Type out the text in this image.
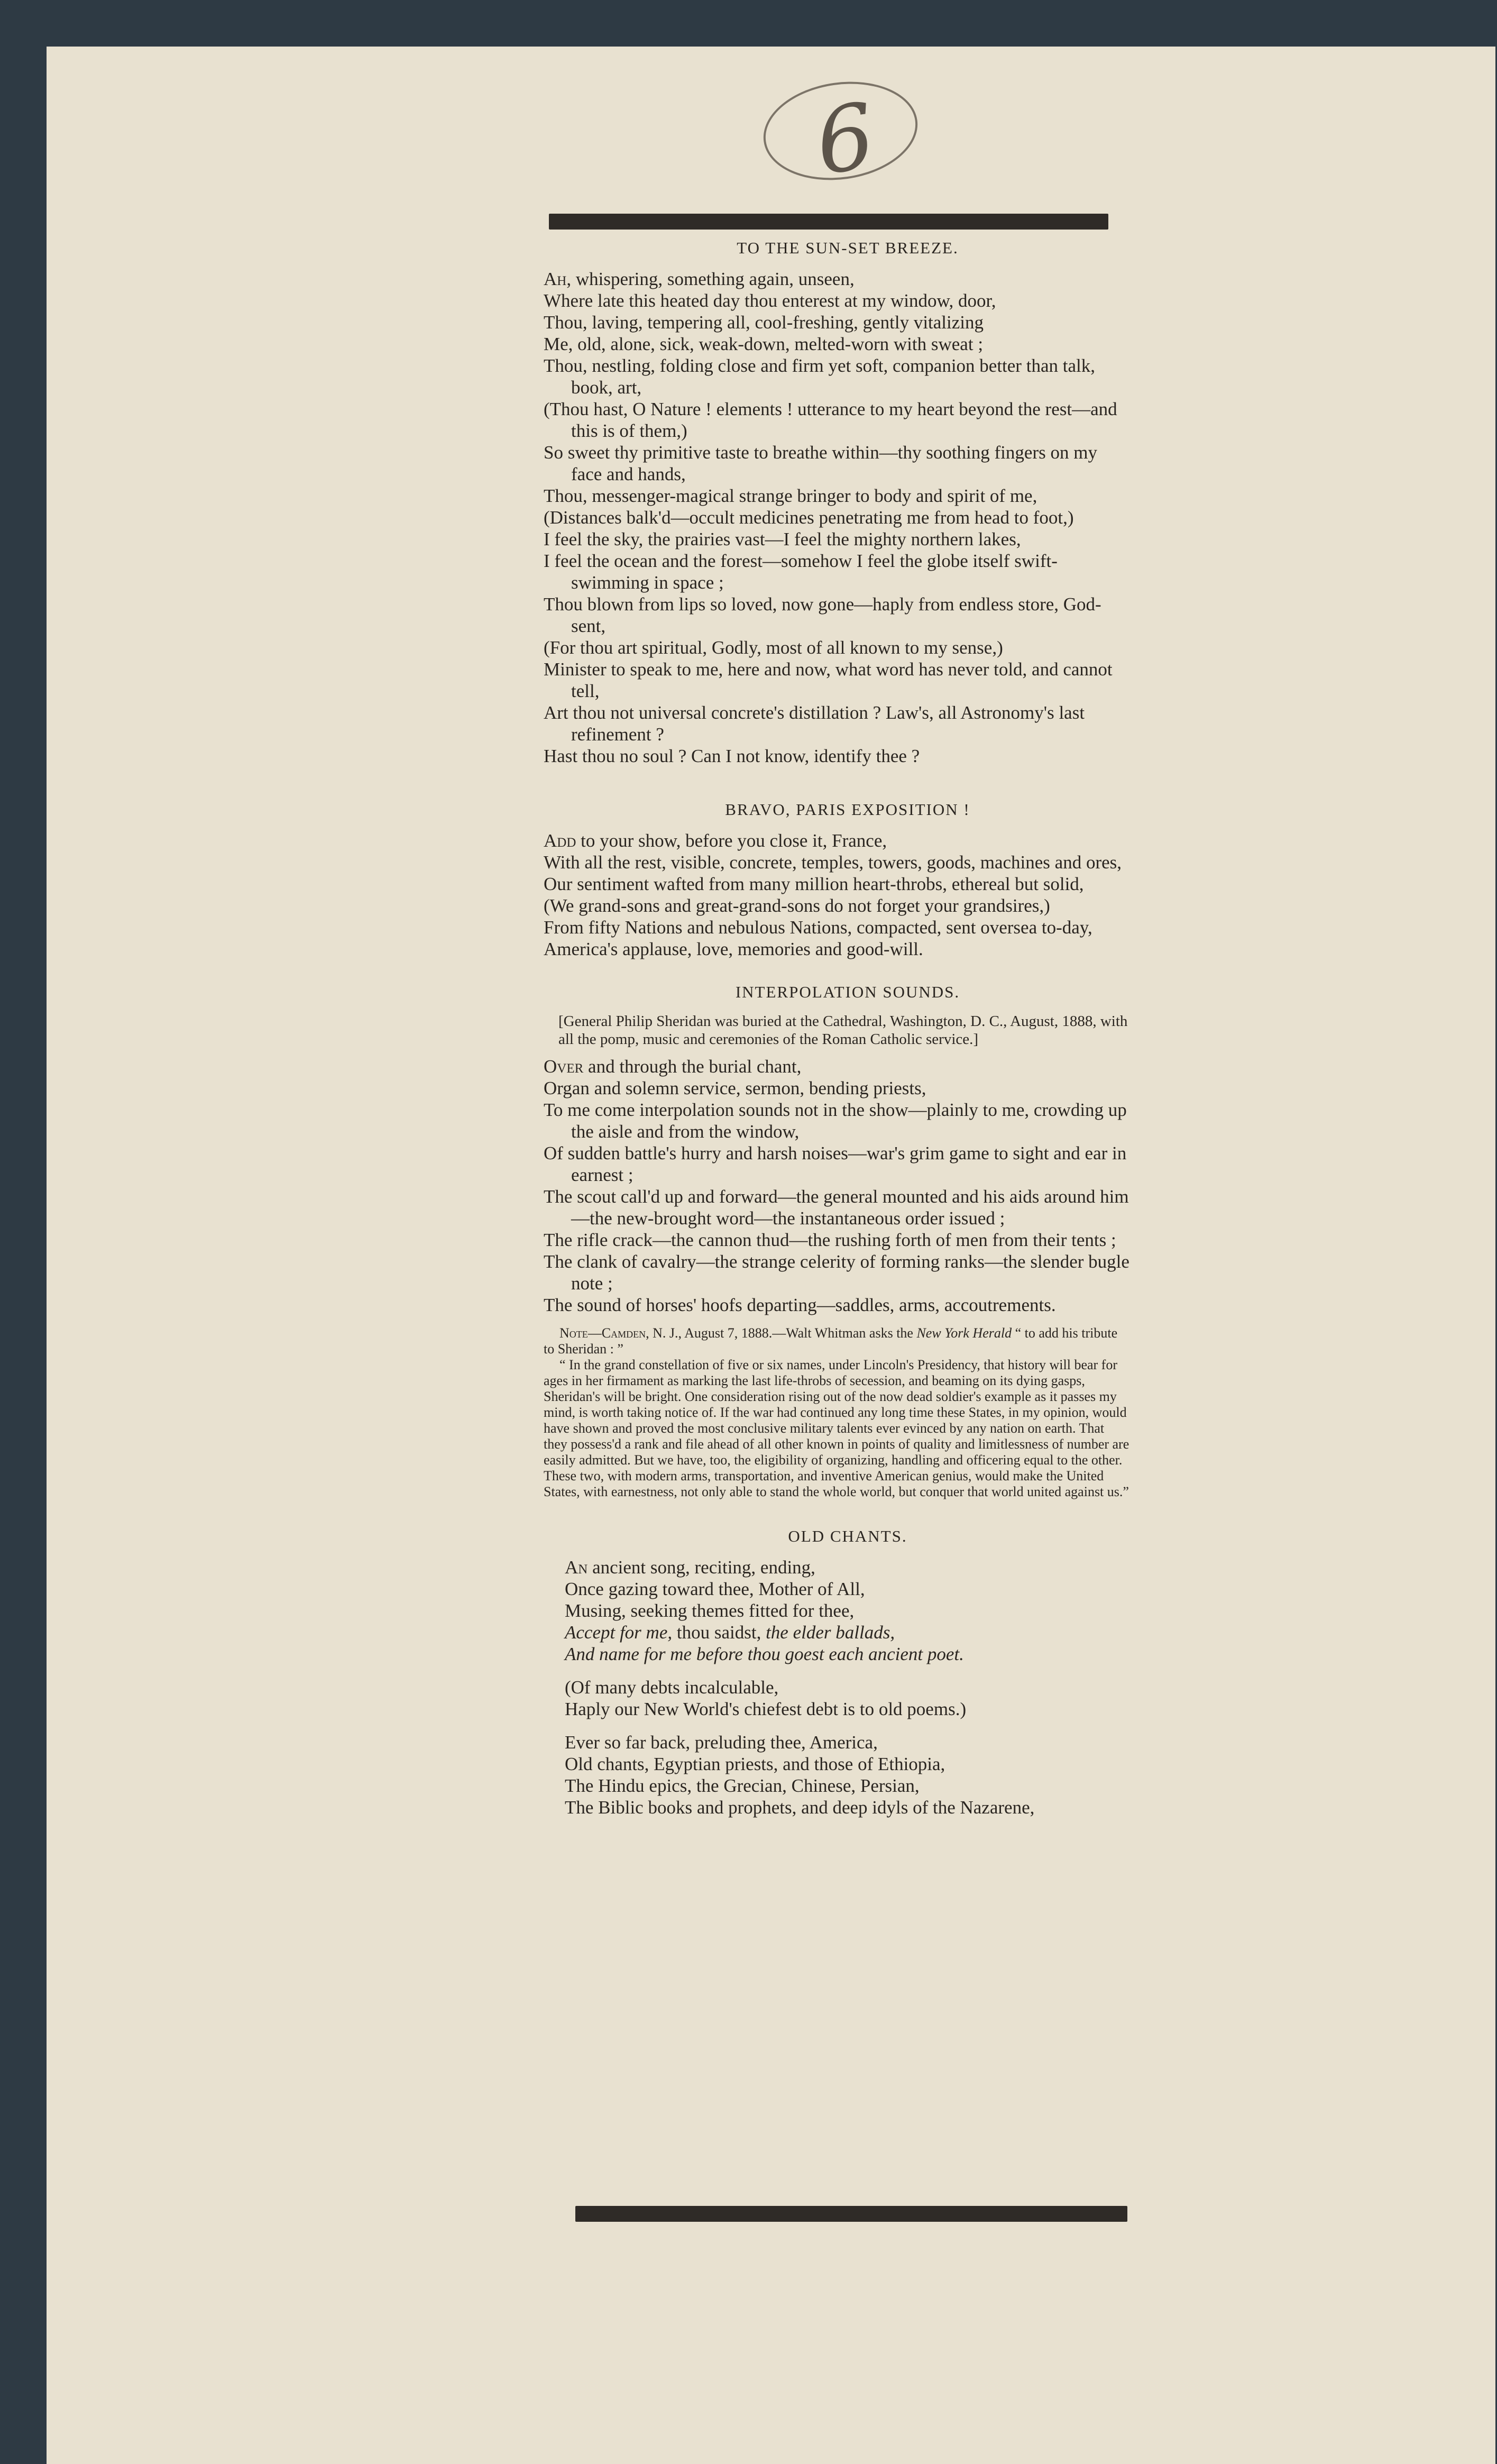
6
TO THE SUN-SET BREEZE.

Ah, whispering, something again, unseen,

Where late this heated day thou enterest at my window, door,

Thou, laving, tempering all, cool-freshing, gently vitalizing

Me, old, alone, sick, weak-down, melted-worn with sweat ;

Thou, nestling, folding close and firm yet soft, companion better than talk, book, art,

(Thou hast, O Nature ! elements ! utterance to my heart beyond the rest—and this is of them,)

So sweet thy primitive taste to breathe within—thy soothing fingers on my face and hands,

Thou, messenger-magical strange bringer to body and spirit of me,

(Distances balk'd—occult medicines penetrating me from head to foot,)

I feel the sky, the prairies vast—I feel the mighty northern lakes,

I feel the ocean and the forest—somehow I feel the globe itself swift-swimming in space ;

Thou blown from lips so loved, now gone—haply from endless store, God-sent,

(For thou art spiritual, Godly, most of all known to my sense,)

Minister to speak to me, here and now, what word has never told, and cannot tell,

Art thou not universal concrete's distillation ? Law's, all Astronomy's last refinement ?

Hast thou no soul ? Can I not know, identify thee ?

BRAVO, PARIS EXPOSITION !

Add to your show, before you close it, France,

With all the rest, visible, concrete, temples, towers, goods, machines and ores,

Our sentiment wafted from many million heart-throbs, ethereal but solid,

(We grand-sons and great-grand-sons do not forget your grandsires,)

From fifty Nations and nebulous Nations, compacted, sent oversea to-day,

America's applause, love, memories and good-will.

INTERPOLATION SOUNDS.
[General Philip Sheridan was buried at the Cathedral, Washington, D. C., August, 1888, with all the pomp, music and ceremonies of the Roman Catholic service.]

Over and through the burial chant,

Organ and solemn service, sermon, bending priests,

To me come interpolation sounds not in the show—plainly to me, crowding up the aisle and from the window,

Of sudden battle's hurry and harsh noises—war's grim game to sight and ear in earnest ;

The scout call'd up and forward—the general mounted and his aids around him—the new-brought word—the instantaneous order issued ;

The rifle crack—the cannon thud—the rushing forth of men from their tents ;

The clank of cavalry—the strange celerity of forming ranks—the slender bugle note ;

The sound of horses' hoofs departing—saddles, arms, accoutrements.

Note—Camden, N. J., August 7, 1888.—Walt Whitman asks the New York Herald “ to add his tribute to Sheridan : ”

“ In the grand constellation of five or six names, under Lincoln's Presidency, that history will bear for ages in her firmament as marking the last life-throbs of secession, and beaming on its dying gasps, Sheridan's will be bright. One consideration rising out of the now dead soldier's example as it passes my mind, is worth taking notice of. If the war had continued any long time these States, in my opinion, would have shown and proved the most conclusive military talents ever evinced by any nation on earth. That they possess'd a rank and file ahead of all other known in points of quality and limitlessness of number are easily admitted. But we have, too, the eligibility of organizing, handling and officering equal to the other. These two, with modern arms, transportation, and inventive American genius, would make the United States, with earnestness, not only able to stand the whole world, but conquer that world united against us.”

OLD CHANTS.

An ancient song, reciting, ending,

Once gazing toward thee, Mother of All,

Musing, seeking themes fitted for thee,

Accept for me, thou saidst, the elder ballads,

And name for me before thou goest each ancient poet.

(Of many debts incalculable,

Haply our New World's chiefest debt is to old poems.)

Ever so far back, preluding thee, America,

Old chants, Egyptian priests, and those of Ethiopia,

The Hindu epics, the Grecian, Chinese, Persian,

The Biblic books and prophets, and deep idyls of the Nazarene,
